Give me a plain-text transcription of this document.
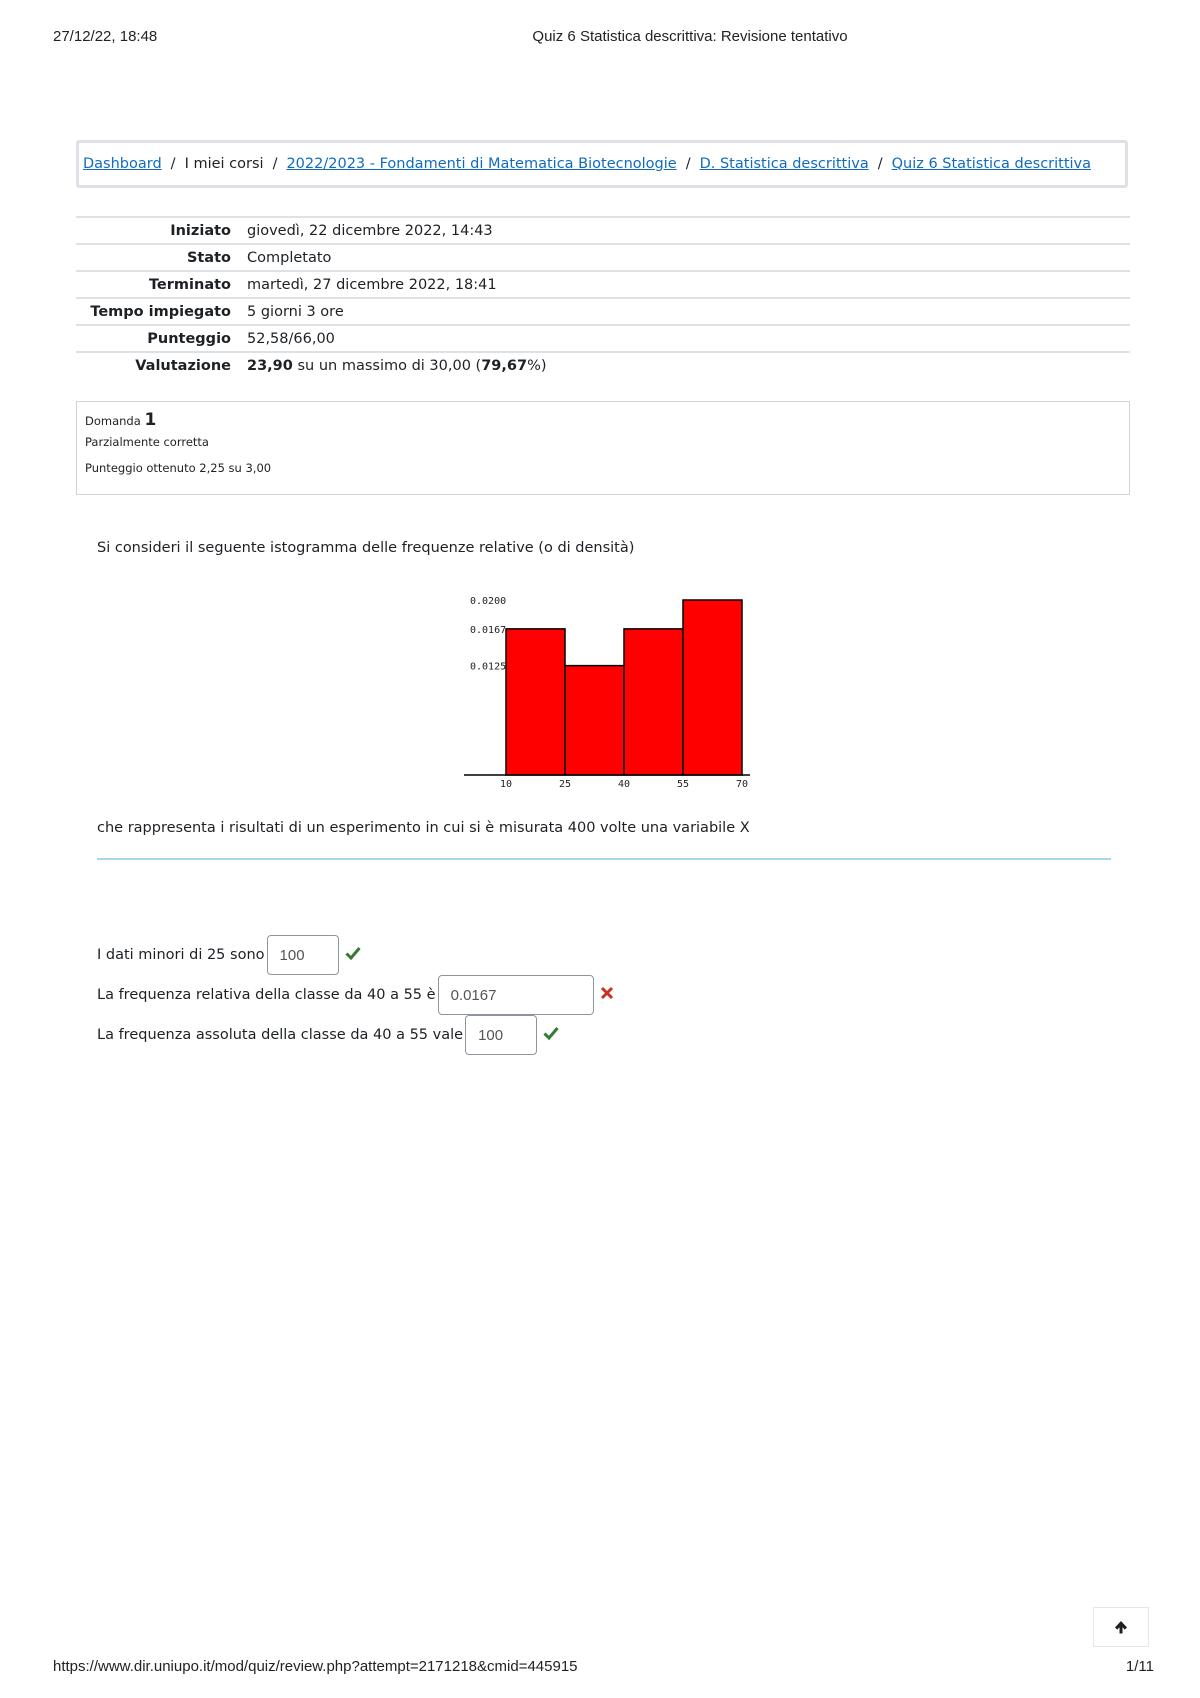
27/12/22, 18:48	Quiz 6 Statistica descrittiva: Revisione tentativo
Dashboard / I miei corsi / 2022/2023 - Fondamenti di Matematica Biotecnologie / D. Statistica descrittiva / Quiz 6 Statistica descrittiva
Iniziato	giovedì, 22 dicembre 2022, 14:43
Stato	Completato
Terminato	martedì, 27 dicembre 2022, 18:41
Tempo impiegato	5 giorni 3 ore
Punteggio	52,58/66,00
Valutazione	23,90 su un massimo di 30,00 (79,67%)
Domanda 1
Parzialmente corretta
Punteggio ottenuto 2,25 su 3,00
Si consideri il seguente istogramma delle frequenze relative (o di densità)
10	25	40	55	70
0.0200
0.0167
0.0125
che rappresenta i risultati di un esperimento in cui si è misurata 400 volte una variabile X
I dati minori di 25 sono
100
La frequenza relativa della classe da 40 a 55 è
0.0167
La frequenza assoluta della classe da 40 a 55 vale
100
https://www.dir.uniupo.it/mod/quiz/review.php?attempt=2171218&cmid=445915	1/11
